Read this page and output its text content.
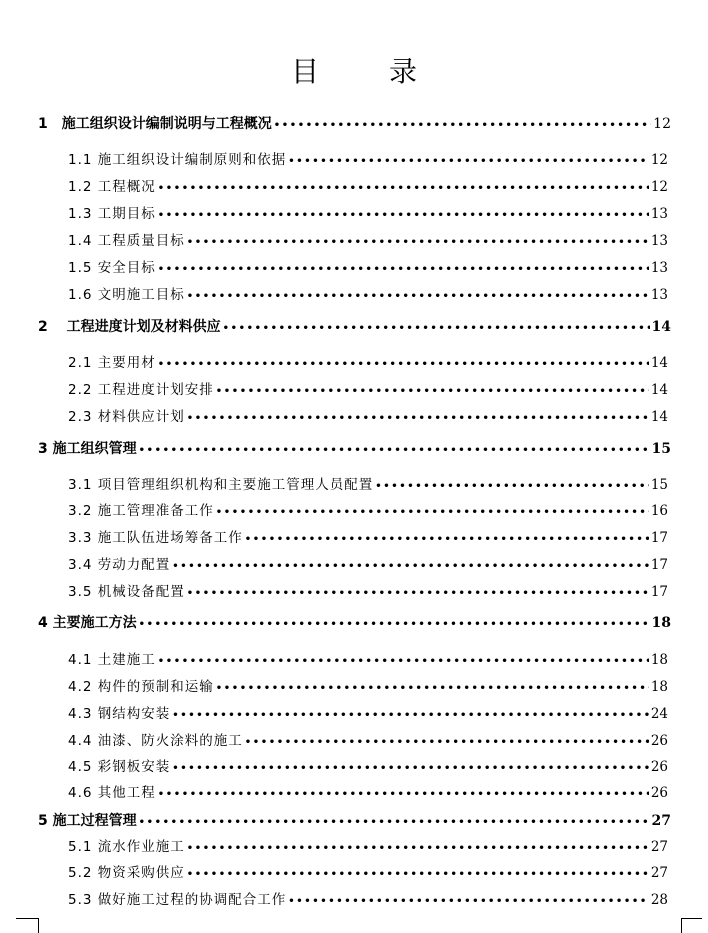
目	录
1　施工组织设计编制说明与工程概况 •••••	12
1.1 施工组织设计编制原则和依据 •••••	12
1.2 工程概况 •••••	12
1.3 工期目标 •••••	13
1.4 工程质量目标 •••••	13
1.5 安全目标 •••••	13
1.6 文明施工目标 •••••	13
2　 工程进度计划及材料供应 •••••	14
2.1 主要用材 •••••	14
2.2 工程进度计划安排 •••••	14
2.3 材料供应计划 •••••	14
3 施工组织管理 •••••	15
3.1 项目管理组织机构和主要施工管理人员配置 •••••	15
3.2 施工管理准备工作 •••••	16
3.3 施工队伍进场筹备工作 •••••	17
3.4 劳动力配置 •••••	17
3.5 机械设备配置 •••••	17
4 主要施工方法 •••••	18
4.1 土建施工 •••••	18
4.2 构件的预制和运输 •••••	18
4.3 钢结构安装 •••••	24
4.4 油漆、防火涂料的施工 •••••	26
4.5 彩钢板安装 •••••	26
4.6 其他工程 •••••	26
5 施工过程管理 •••••	27
5.1 流水作业施工 •••••	27
5.2 物资采购供应 •••••	27
5.3 做好施工过程的协调配合工作 •••••	28
